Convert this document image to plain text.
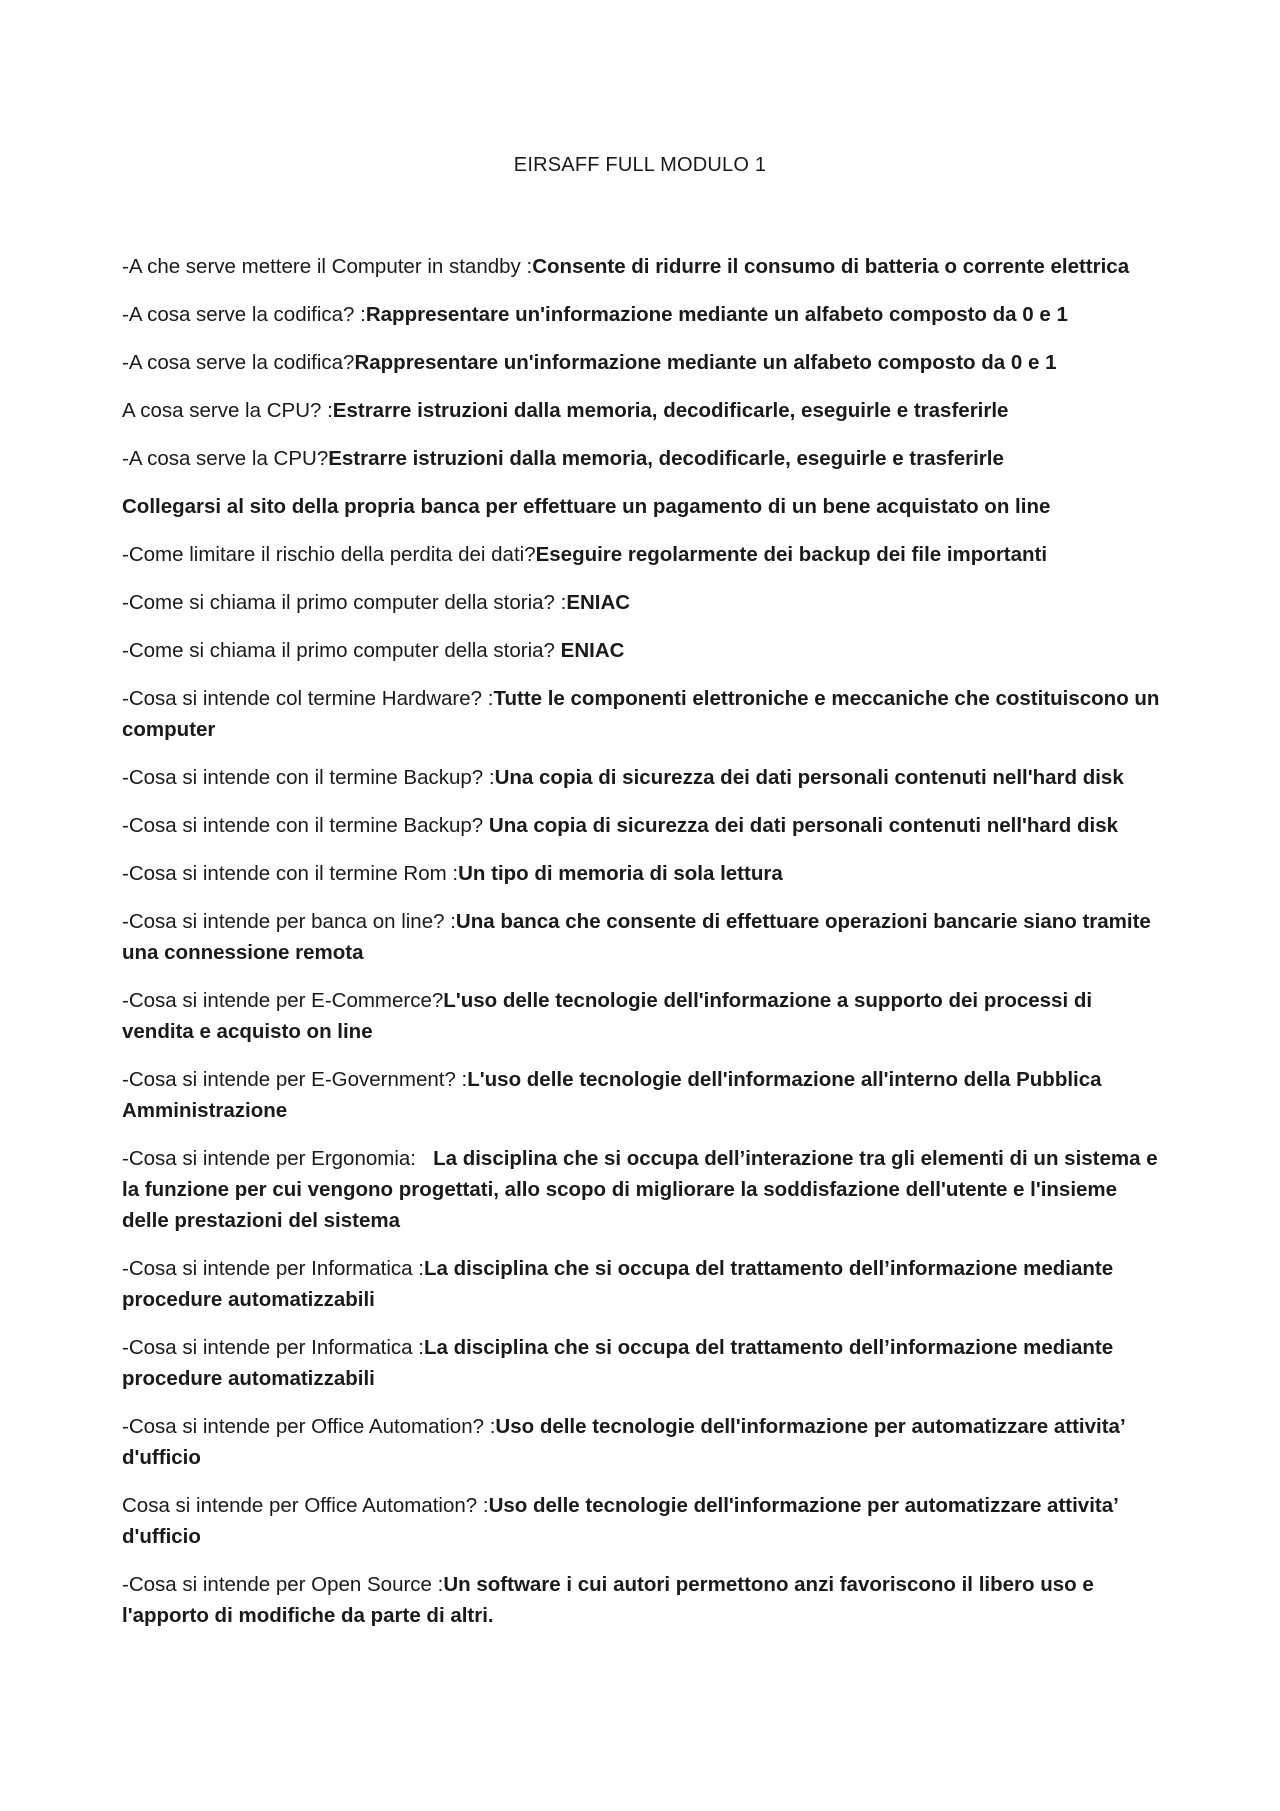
EIRSAFF FULL MODULO 1

-A che serve mettere il Computer in standby :Consente di ridurre il consumo di batteria o corrente elettrica

-A cosa serve la codifica? :Rappresentare un'informazione mediante un alfabeto composto da 0 e 1

-A cosa serve la codifica?Rappresentare un'informazione mediante un alfabeto composto da 0 e 1

A cosa serve la CPU? :Estrarre istruzioni dalla memoria, decodificarle, eseguirle e trasferirle

-A cosa serve la CPU?Estrarre istruzioni dalla memoria, decodificarle, eseguirle e trasferirle

Collegarsi al sito della propria banca per effettuare un pagamento di un bene acquistato on line

-Come limitare il rischio della perdita dei dati?Eseguire regolarmente dei backup dei file importanti

-Come si chiama il primo computer della storia? :ENIAC

-Come si chiama il primo computer della storia? ENIAC

-Cosa si intende col termine Hardware? :Tutte le componenti elettroniche e meccaniche che costituiscono un computer

-Cosa si intende con il termine Backup? :Una copia di sicurezza dei dati personali contenuti nell'hard disk

-Cosa si intende con il termine Backup? Una copia di sicurezza dei dati personali contenuti nell'hard disk

-Cosa si intende con il termine Rom :Un tipo di memoria di sola lettura

-Cosa si intende per banca on line? :Una banca che consente di effettuare operazioni bancarie siano tramite una connessione remota

-Cosa si intende per E-Commerce?L'uso delle tecnologie dell'informazione a supporto dei processi di vendita e acquisto on line

-Cosa si intende per E-Government? :L'uso delle tecnologie dell'informazione all'interno della Pubblica Amministrazione

-Cosa si intende per Ergonomia:   La disciplina che si occupa dell’interazione tra gli elementi di un sistema e la funzione per cui vengono progettati, allo scopo di migliorare la soddisfazione dell'utente e l'insieme delle prestazioni del sistema

-Cosa si intende per Informatica :La disciplina che si occupa del trattamento dell’informazione mediante procedure automatizzabili

-Cosa si intende per Informatica :La disciplina che si occupa del trattamento dell’informazione mediante procedure automatizzabili

-Cosa si intende per Office Automation? :Uso delle tecnologie dell'informazione per automatizzare attivita’ d'ufficio

Cosa si intende per Office Automation? :Uso delle tecnologie dell'informazione per automatizzare attivita’ d'ufficio

-Cosa si intende per Open Source :Un software i cui autori permettono anzi favoriscono il libero uso e l'apporto di modifiche da parte di altri.
